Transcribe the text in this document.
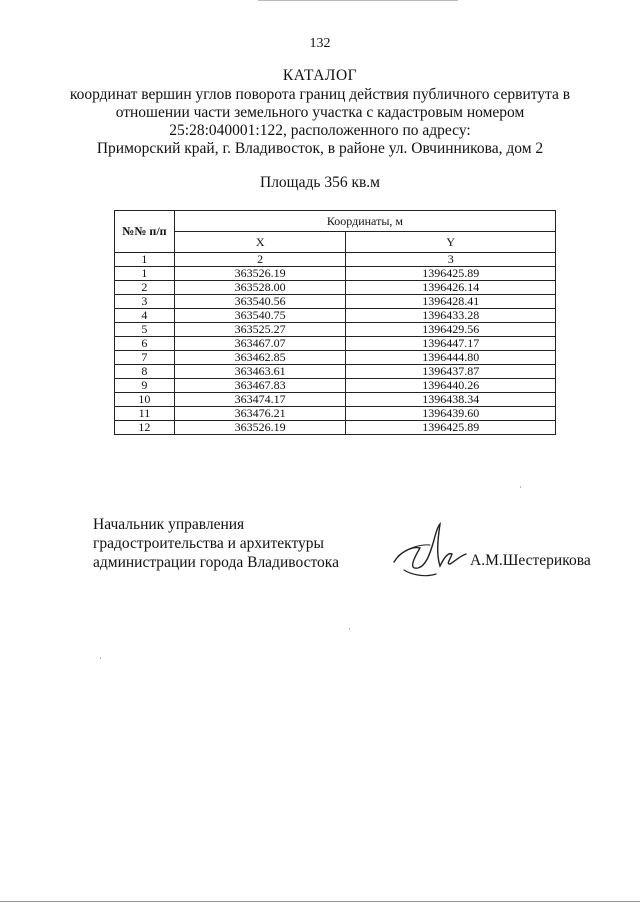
132
КАТАЛОГ
координат вершин углов поворота границ действия публичного сервитута в
отношении части земельного участка с кадастровым номером
25:28:040001:122, расположенного по адресу:
Приморский край, г. Владивосток, в районе ул. Овчинникова, дом 2
Площадь 356 кв.м
№№ п/п	Координаты, м	
	X	Y
1	2	3
1	363526.19	1396425.89
2	363528.00	1396426.14
3	363540.56	1396428.41
4	363540.75	1396433.28
5	363525.27	1396429.56
6	363467.07	1396447.17
7	363462.85	1396444.80
8	363463.61	1396437.87
9	363467.83	1396440.26
10	363474.17	1396438.34
11	363476.21	1396439.60
12	363526.19	1396425.89
Начальник управления
градостроительства и архитектуры
администрации города Владивостока	А.М.Шестерикова
